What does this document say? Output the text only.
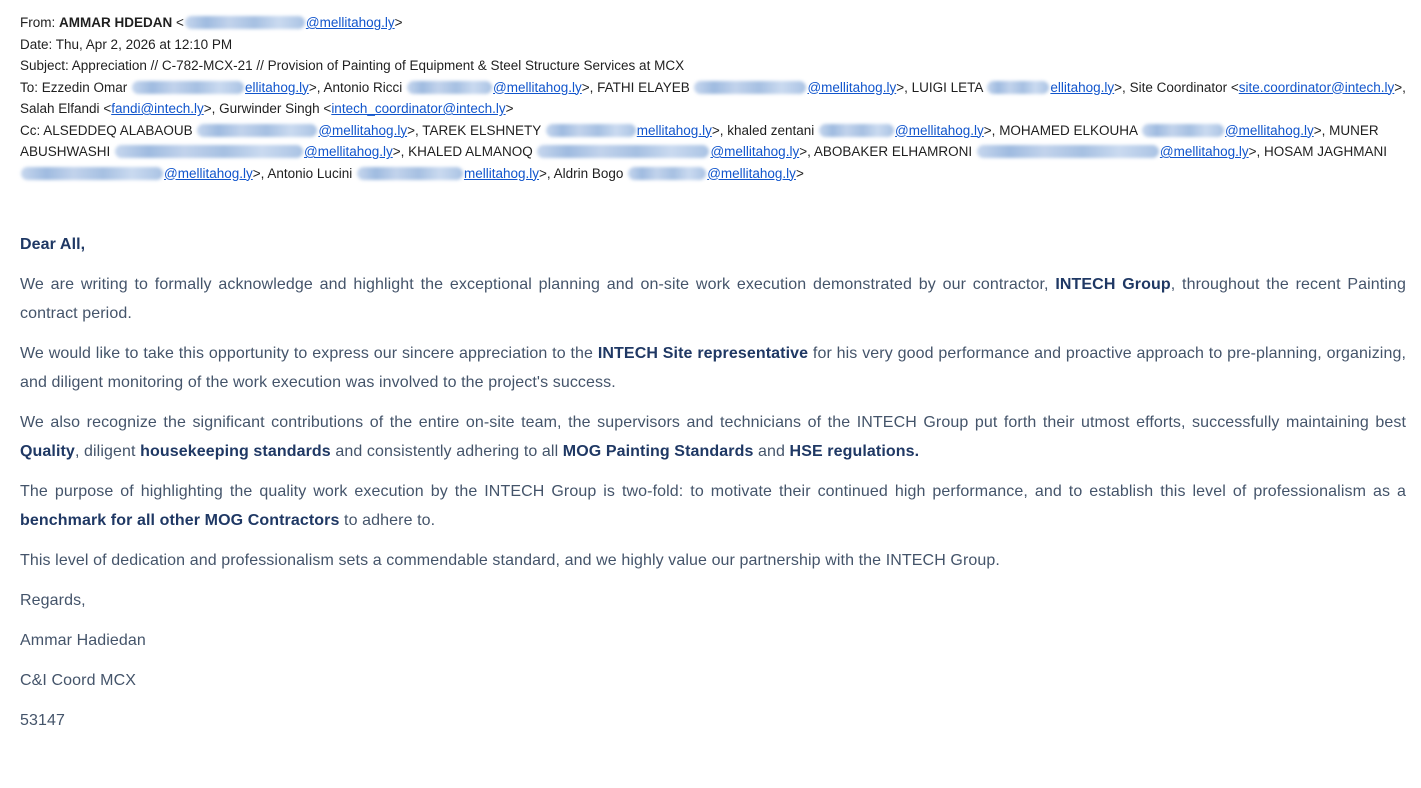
From: AMMAR HDEDAN <	@mellitahog.ly>
Date: Thu, Apr 2, 2026 at 12:10 PM
Subject: Appreciation // C-782-MCX-21 // Provision of Painting of Equipment & Steel Structure Services at MCX
To: Ezzedin Omar	ellitahog.ly>, Antonio Ricci	@mellitahog.ly>, FATHI ELAYEB	@mellitahog.ly>, LUIGI LETA	ellitahog.ly>, Site Coordinator <site.coordinator@intech.ly>, Salah Elfandi <fandi@intech.ly>, Gurwinder Singh <intech_coordinator@intech.ly>
Cc: ALSEDDEQ ALABAOUB	@mellitahog.ly>, TAREK ELSHNETY	mellitahog.ly>, khaled zentani	@mellitahog.ly>, MOHAMED ELKOUHA	@mellitahog.ly>, MUNER ABUSHWASHI	@mellitahog.ly>, KHALED ALMANOQ	@mellitahog.ly>, ABOBAKER ELHAMRONI	@mellitahog.ly>, HOSAM JAGHMANI @mellitahog.ly>, Antonio Lucini	mellitahog.ly>, Aldrin Bogo	@mellitahog.ly>

Dear All,

We are writing to formally acknowledge and highlight the exceptional planning and on-site work execution demonstrated by our contractor, INTECH Group, throughout the recent Painting contract period.

We would like to take this opportunity to express our sincere appreciation to the INTECH Site representative for his very good performance and proactive approach to pre-planning, organizing, and diligent monitoring of the work execution was involved to the project's success.

We also recognize the significant contributions of the entire on-site team, the supervisors and technicians of the INTECH Group put forth their utmost efforts, successfully maintaining best Quality, diligent housekeeping standards and consistently adhering to all MOG Painting Standards and HSE regulations.

The purpose of highlighting the quality work execution by the INTECH Group is two-fold: to motivate their continued high performance, and to establish this level of professionalism as a benchmark for all other MOG Contractors to adhere to.

This level of dedication and professionalism sets a commendable standard, and we highly value our partnership with the INTECH Group.

Regards,

Ammar Hadiedan

C&I Coord MCX

53147
